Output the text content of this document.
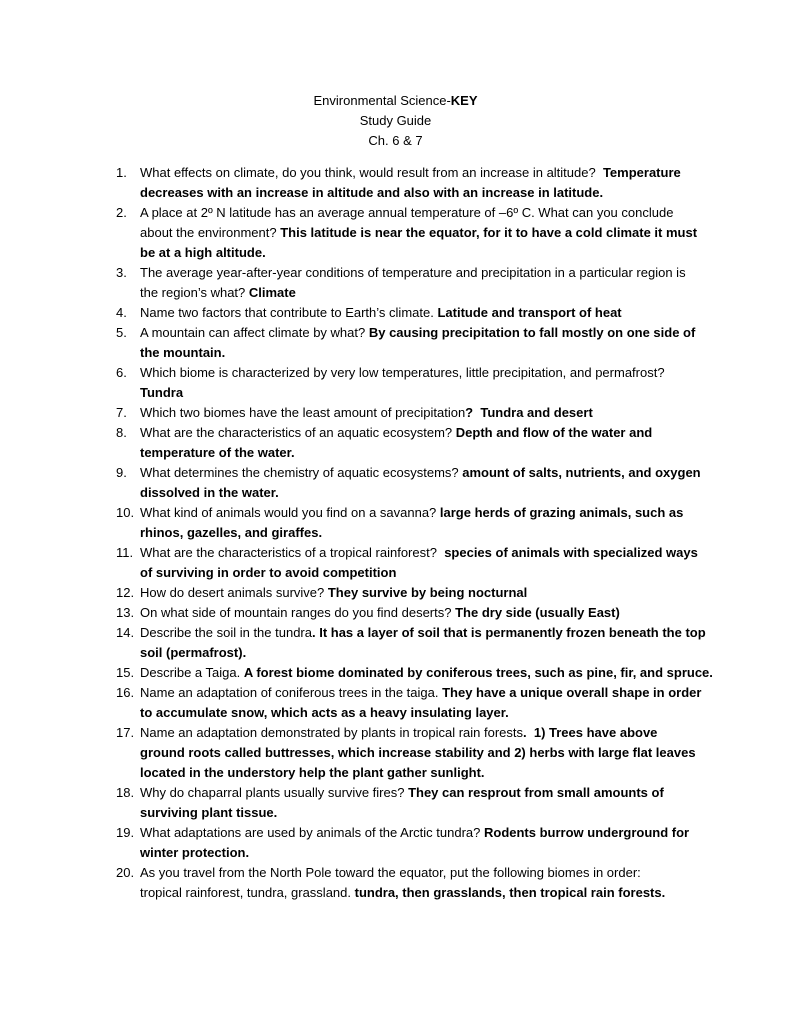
Environmental Science-KEY
Study Guide
Ch. 6 & 7
1. What effects on climate, do you think, would result from an increase in altitude?  Temperature
decreases with an increase in altitude and also with an increase in latitude.
2. A place at 2º N latitude has an average annual temperature of –6º C. What can you conclude
about the environment? This latitude is near the equator, for it to have a cold climate it must
be at a high altitude.
3. The average year-after-year conditions of temperature and precipitation in a particular region is
the region’s what? Climate
4. Name two factors that contribute to Earth’s climate. Latitude and transport of heat
5. A mountain can affect climate by what? By causing precipitation to fall mostly on one side of
the mountain.
6. Which biome is characterized by very low temperatures, little precipitation, and permafrost?
Tundra
7. Which two biomes have the least amount of precipitation?  Tundra and desert
8. What are the characteristics of an aquatic ecosystem? Depth and flow of the water and
temperature of the water.
9. What determines the chemistry of aquatic ecosystems? amount of salts, nutrients, and oxygen
dissolved in the water.
10. What kind of animals would you find on a savanna? large herds of grazing animals, such as
rhinos, gazelles, and giraffes.
11. What are the characteristics of a tropical rainforest?  species of animals with specialized ways
of surviving in order to avoid competition
12. How do desert animals survive? They survive by being nocturnal
13. On what side of mountain ranges do you find deserts? The dry side (usually East)
14. Describe the soil in the tundra. It has a layer of soil that is permanently frozen beneath the top
soil (permafrost).
15. Describe a Taiga. A forest biome dominated by coniferous trees, such as pine, fir, and spruce.
16. Name an adaptation of coniferous trees in the taiga. They have a unique overall shape in order
to accumulate snow, which acts as a heavy insulating layer.
17. Name an adaptation demonstrated by plants in tropical rain forests.  1) Trees have above
ground roots called buttresses, which increase stability and 2) herbs with large flat leaves
located in the understory help the plant gather sunlight.
18. Why do chaparral plants usually survive fires? They can resprout from small amounts of
surviving plant tissue.
19. What adaptations are used by animals of the Arctic tundra? Rodents burrow underground for
winter protection.
20. As you travel from the North Pole toward the equator, put the following biomes in order:
tropical rainforest, tundra, grassland. tundra, then grasslands, then tropical rain forests.
